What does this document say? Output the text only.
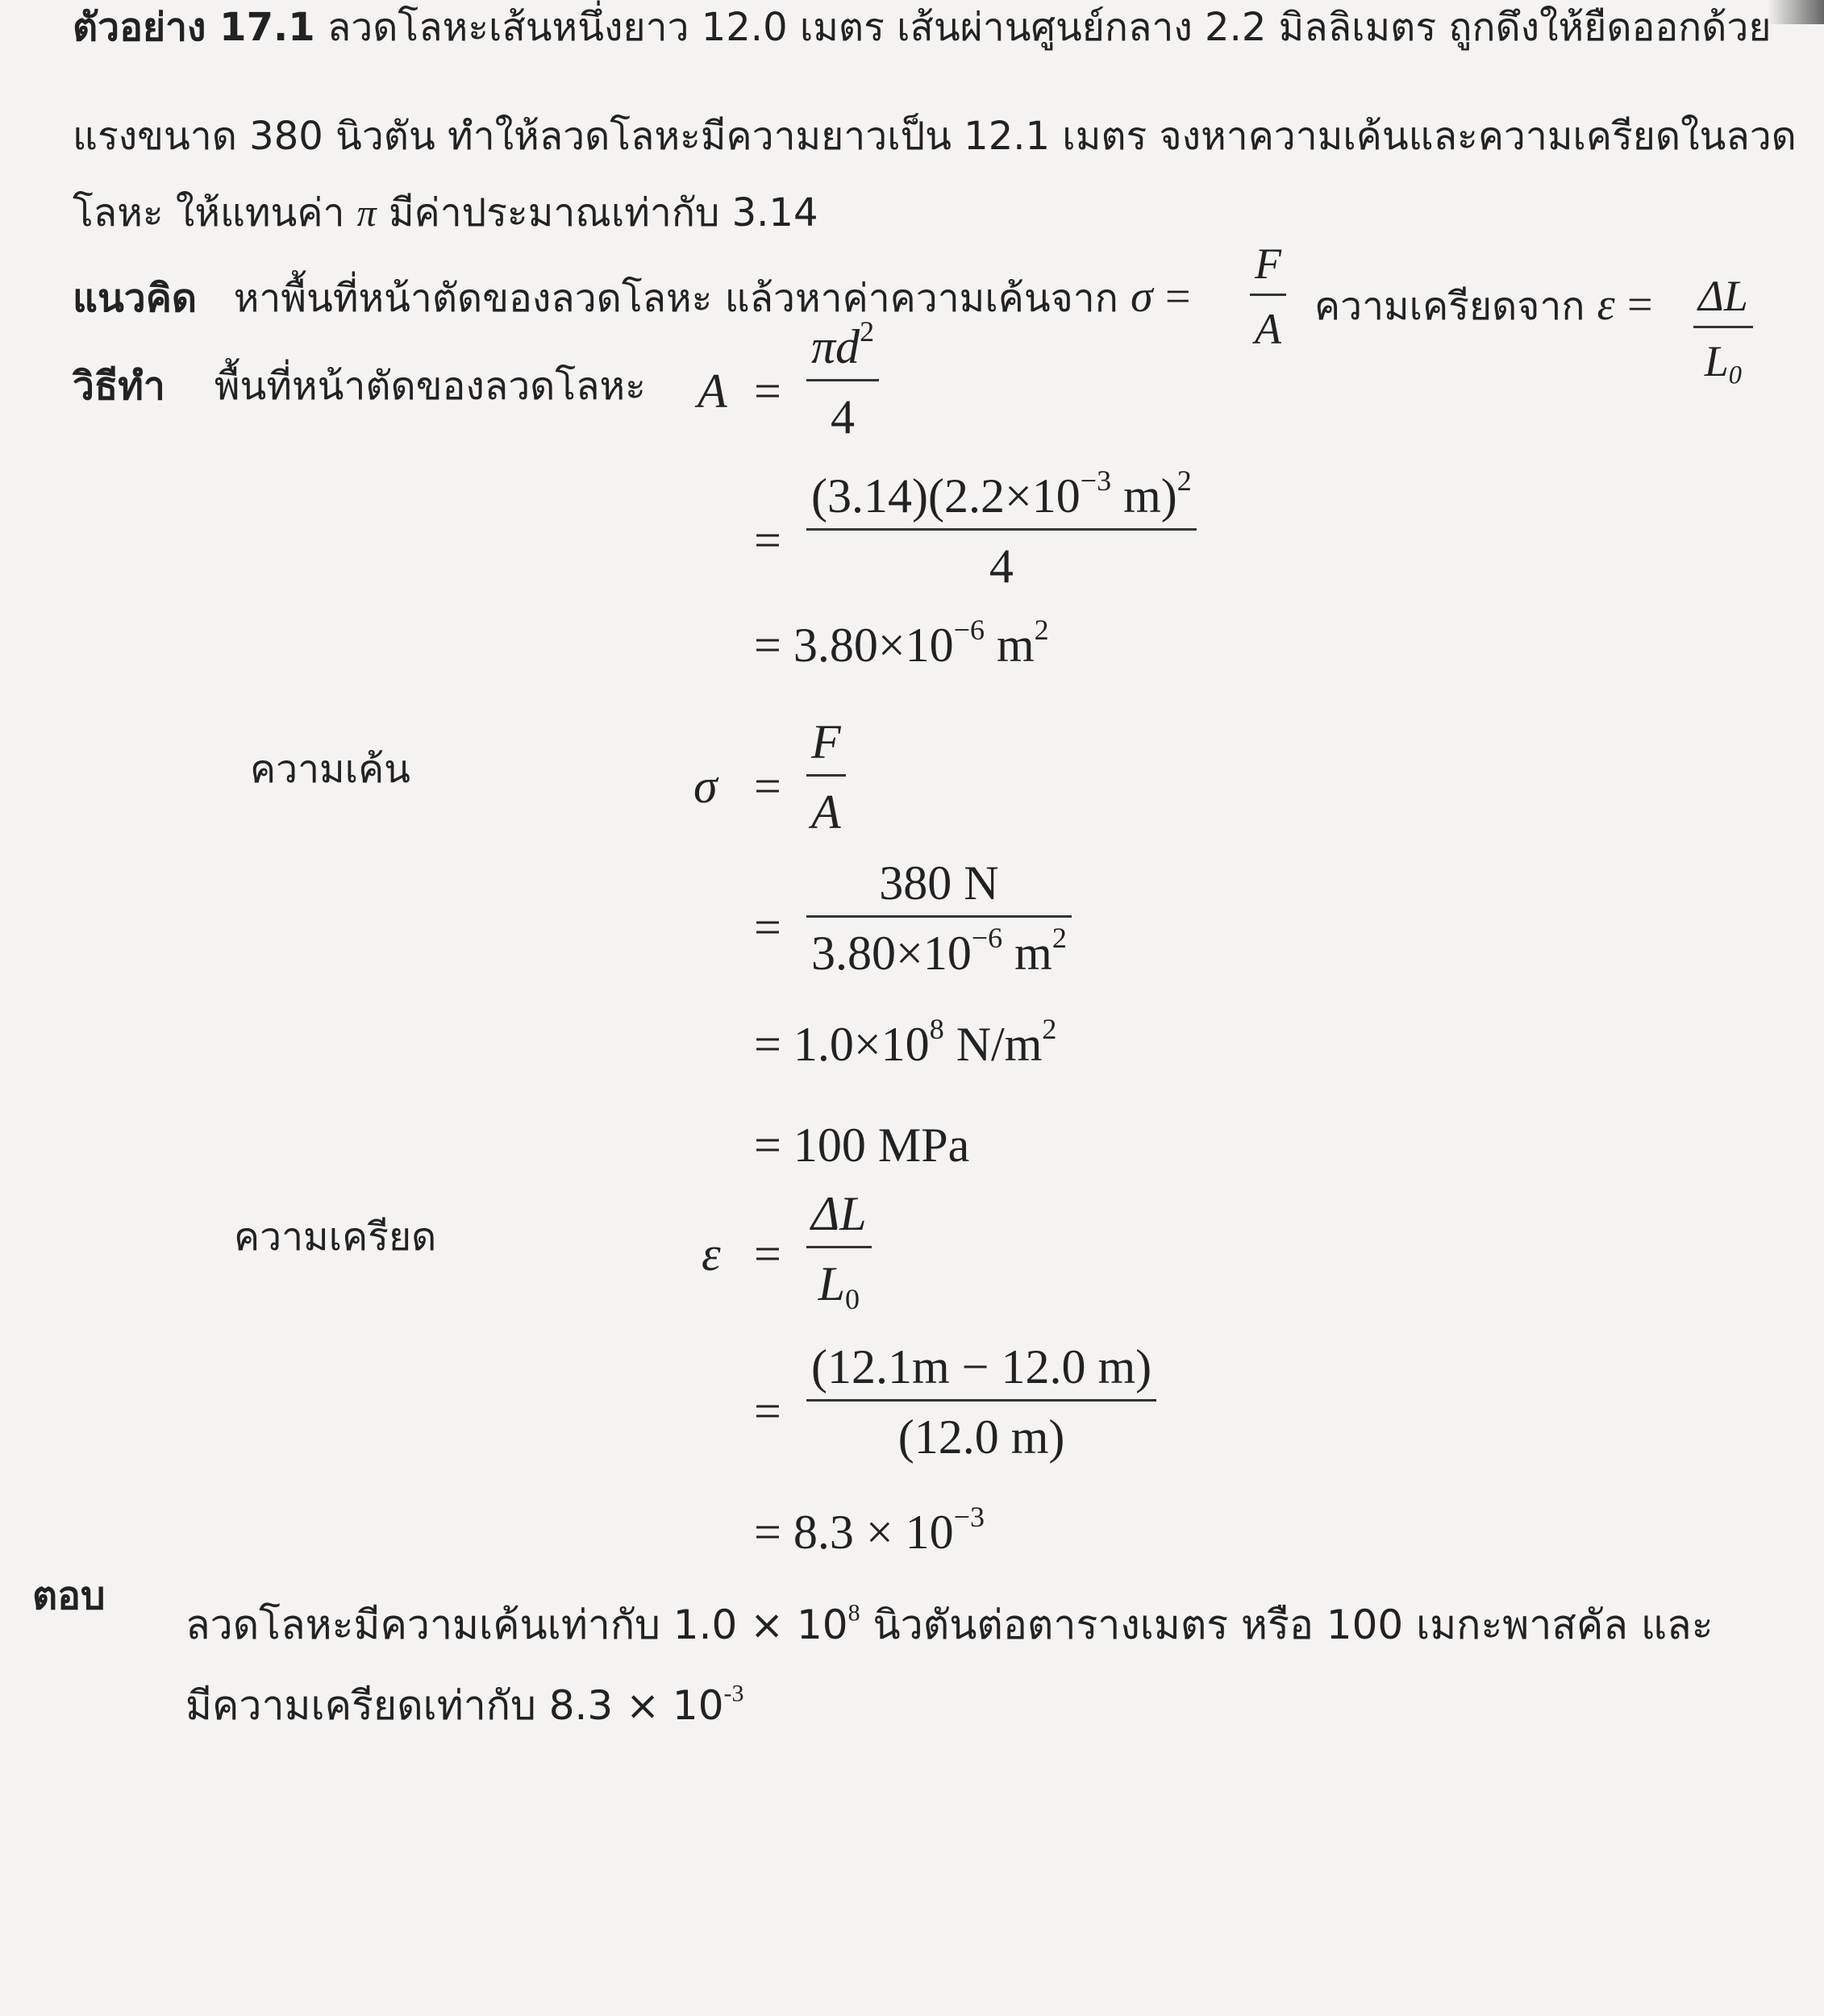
ตัวอย่าง 17.1 ลวดโลหะเส้นหนึ่งยาว 12.0 เมตร เส้นผ่านศูนย์กลาง 2.2 มิลลิเมตร ถูกดึงให้ยืดออกด้วย
แรงขนาด 380 นิวตัน ทำให้ลวดโลหะมีความยาวเป็น 12.1 เมตร จงหาความเค้นและความเครียดในลวด
โลหะ ให้แทนค่า π มีค่าประมาณเท่ากับ 3.14
แนวคิด หาพื้นที่หน้าตัดของลวดโลหะ แล้วหาค่าความเค้นจาก σ =
F
A ความเครียดจาก ε = ΔL
$L_0$
วิธีทำ พื้นที่หน้าตัดของลวดโลหะ A =
$\pi d^2$
4
=
$(3.14)(2.2\times 10^{-3}$ m)$^2$
4
= $3.80\times 10^{-6}$ $m^2$
ความเค้น	σ =
F
A
=
380 N
$3.80\times 10^{-6}$ $m^2$
= $1.0\times 10^8$ $N/m^2$
= 100 MPa
ความเครียด	ε =
ΔL
$L_0$
=
(12.1m − 12.0 m)
(12.0 m)
= $8.3 \times 10^{-3}$
ตอบ
ลวดโลหะมีความเค้นเท่ากับ $1.0 \times 10^8$ นิวตันต่อตารางเมตร หรือ 100 เมกะพาสคัล และ
มีความเครียดเท่ากับ $8.3 \times 10^{-3}$
